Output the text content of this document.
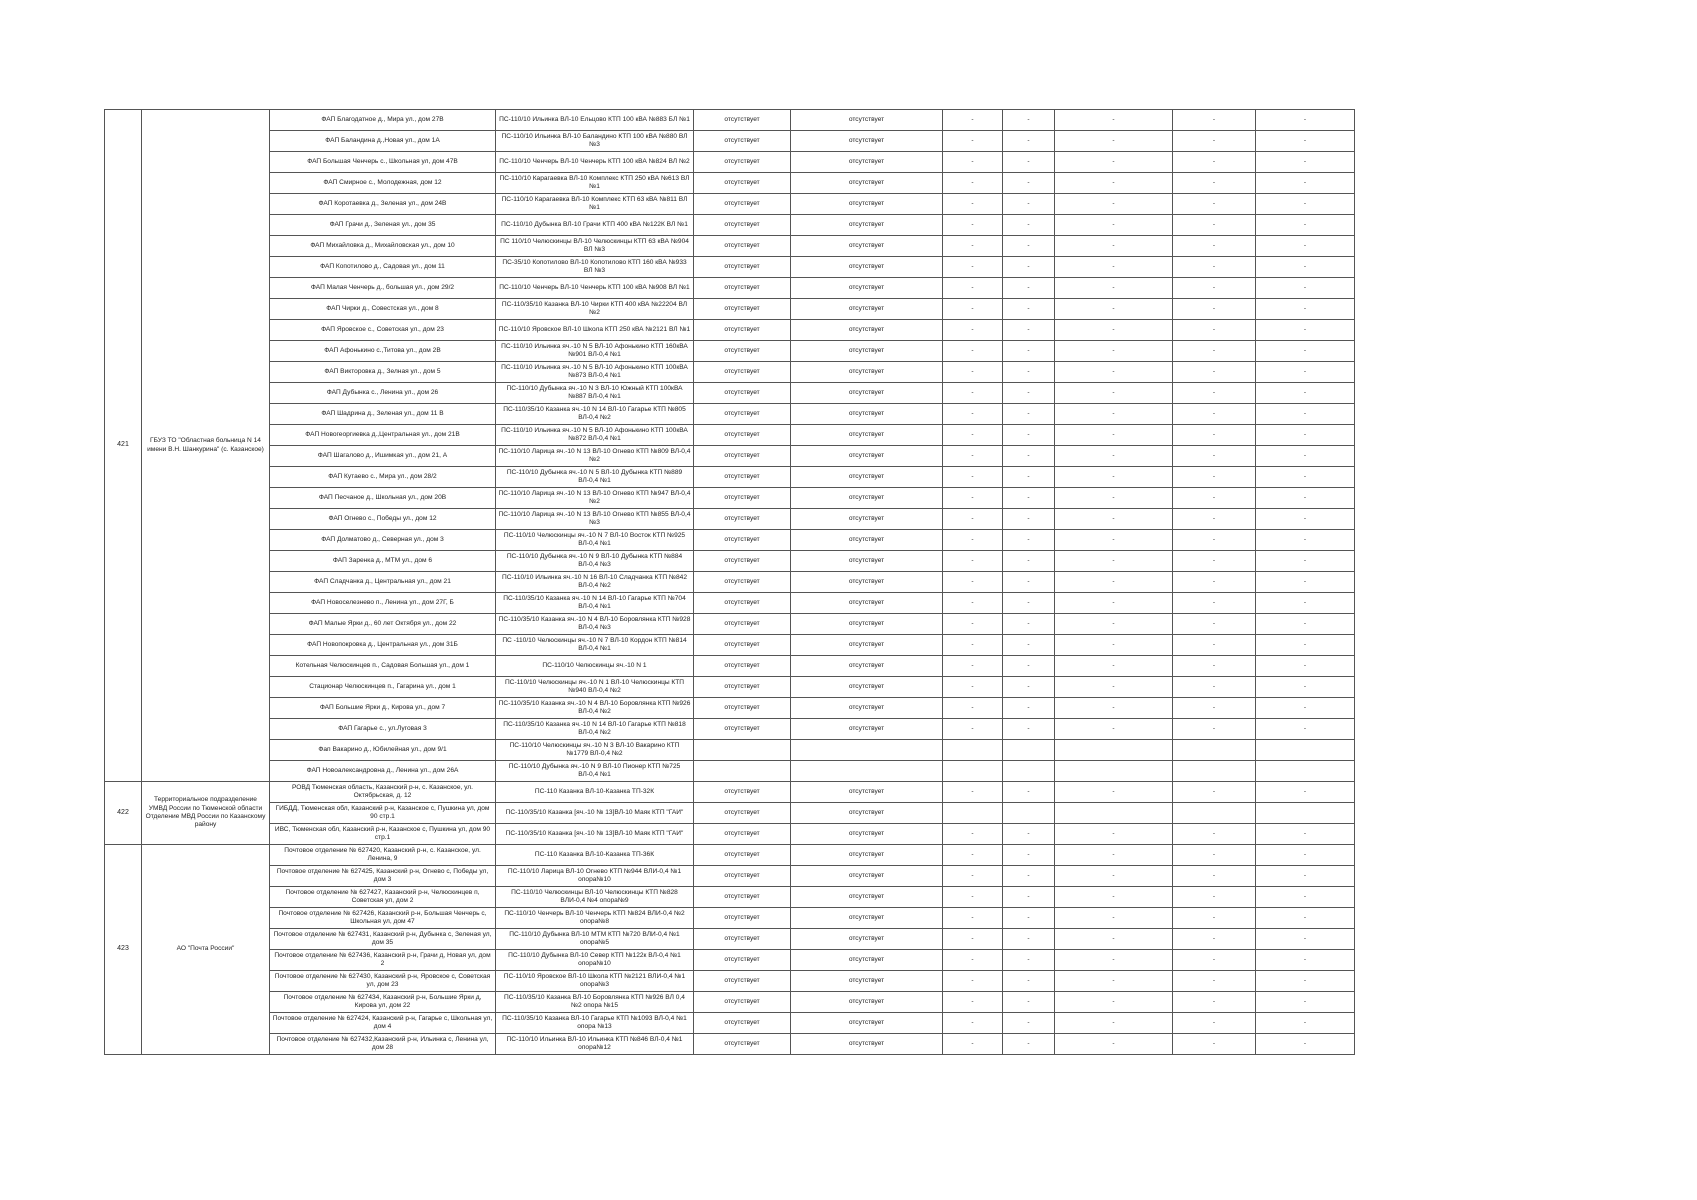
421	ГБУЗ ТО "Областная больница N 14 имени В.Н. Шанкурина" (с. Казанское)	ФАП Благодатное д., Мира ул., дом 27В	ПС-110/10 Ильинка ВЛ-10 Ельцово КТП 100 кВА №883 БЛ №1	отсутствует	отсутствует	-	-	-	-	-
		ФАП Баландина д.,Новая ул., дом 1А	ПС-110/10 Ильинка ВЛ-10 Баландино КТП 100 кВА №880 ВЛ №3	отсутствует	отсутствует	-	-	-	-	-
		ФАП Большая Ченчерь с., Школьная ул, дом 47В	ПС-110/10 Ченчерь ВЛ-10 Ченчерь КТП 100 кВА №824 ВЛ №2	отсутствует	отсутствует	-	-	-	-	-
		ФАП Смирное с., Молодежная, дом 12	ПС-110/10 Карагаевка ВЛ-10 Комплекс КТП 250 кВА №613 ВЛ №1	отсутствует	отсутствует	-	-	-	-	-
		ФАП Коротаевка д., Зеленая ул., дом 24В	ПС-110/10 Карагаевка ВЛ-10 Комплекс КТП 63 кВА №811 ВЛ №1	отсутствует	отсутствует	-	-	-	-	-
		ФАП Грачи д., Зеленая ул., дом 35	ПС-110/10 Дубынка ВЛ-10 Грачи КТП 400 кВА №122К ВЛ №1	отсутствует	отсутствует	-	-	-	-	-
		ФАП Михайловка д., Михайловская ул., дом 10	ПС 110/10 Челюскинцы ВЛ-10 Челюскинцы КТП 63 кВА №904 ВЛ №3	отсутствует	отсутствует	-	-	-	-	-
		ФАП Копотилово д., Садовая ул., дом 11	ПС-35/10 Копотилово ВЛ-10 Копотилово КТП 160 кВА №933 ВЛ №3	отсутствует	отсутствует	-	-	-	-	-
		ФАП Малая Ченчерь д., большая ул., дом 29/2	ПС-110/10 Ченчерь ВЛ-10 Ченчерь КТП 100 кВА №908 ВЛ №1	отсутствует	отсутствует	-	-	-	-	-
		ФАП Чирки д., Совестская ул., дом 8	ПС-110/35/10 Казанка ВЛ-10 Чирки КТП 400 кВА №22204 ВЛ №2	отсутствует	отсутствует	-	-	-	-	-
		ФАП Яровское с., Советская ул., дом 23	ПС-110/10 Яровское ВЛ-10 Школа КТП 250 кВА №2121 ВЛ №1	отсутствует	отсутствует	-	-	-	-	-
		ФАП Афонькино с.,Титова ул., дом 2В	ПС-110/10 Ильинка яч.-10 N 5 ВЛ-10 Афонькино КТП 160кВА №901 ВЛ-0,4 №1	отсутствует	отсутствует	-	-	-	-	-
		ФАП Викторовка д., Зелная ул., дом 5	ПС-110/10 Ильинка яч.-10 N 5 ВЛ-10 Афонькино КТП 100кВА №873 ВЛ-0,4 №1	отсутствует	отсутствует	-	-	-	-	-
		ФАП Дубынка с., Ленина ул., дом 26	ПС-110/10 Дубынка яч.-10 N 3 ВЛ-10 Южный КТП 100кВА №887 ВЛ-0,4 №1	отсутствует	отсутствует	-	-	-	-	-
		ФАП Шадрина д., Зеленая ул., дом 11 В	ПС-110/35/10 Казанка яч.-10 N 14 ВЛ-10 Гагарье КТП №805 ВЛ-0,4 №2	отсутствует	отсутствует	-	-	-	-	-
		ФАП Новогеоргиевка д.,Центральная ул., дом 21В	ПС-110/10 Ильинка яч.-10 N 5 ВЛ-10 Афонькино КТП 100кВА №872 ВЛ-0,4 №1	отсутствует	отсутствует	-	-	-	-	-
		ФАП Шагалово д., Ишимкая ул., дом 21, А	ПС-110/10 Ларица яч.-10 N 13 ВЛ-10 Огнево КТП №809 ВЛ-0,4 №2	отсутствует	отсутствует	-	-	-	-	-
		ФАП Кутаево с., Мира ул., дом 28/2	ПС-110/10 Дубынка яч.-10 N 5 ВЛ-10 Дубынка КТП №889 ВЛ-0,4 №1	отсутствует	отсутствует	-	-	-	-	-
		ФАП Песчаное д., Школьная ул., дом 20В	ПС-110/10 Ларица яч.-10 N 13 ВЛ-10 Огнево КТП №947 ВЛ-0,4 №2	отсутствует	отсутствует	-	-	-	-	-
		ФАП Огнево с., Победы ул., дом 12	ПС-110/10 Ларица яч.-10 N 13 ВЛ-10 Огнево КТП №855 ВЛ-0,4 №3	отсутствует	отсутствует	-	-	-	-	-
		ФАП Долматово д., Северная ул., дом 3	ПС-110/10 Челюскинцы яч.-10 N 7 ВЛ-10 Восток КТП №925 ВЛ-0,4 №1	отсутствует	отсутствует	-	-	-	-	-
		ФАП Заренка д., МТМ ул., дом 6	ПС-110/10 Дубынка яч.-10 N 9 ВЛ-10 Дубынка КТП №884 ВЛ-0,4 №3	отсутствует	отсутствует	-	-	-	-	-
		ФАП Сладчанка д., Центральная ул., дом 21	ПС-110/10 Ильинка яч.-10 N 16 ВЛ-10 Сладчанка КТП №842 ВЛ-0,4 №2	отсутствует	отсутствует	-	-	-	-	-
		ФАП Новоселезнево п., Ленина ул., дом 27Г, Б	ПС-110/35/10 Казанка яч.-10 N 14 ВЛ-10 Гагарье КТП №704 ВЛ-0,4 №1	отсутствует	отсутствует	-	-	-	-	-
		ФАП Малые Ярки д., 60 лет Октября ул., дом 22	ПС-110/35/10 Казанка яч.-10 N 4 ВЛ-10 Боровлянка КТП №928 ВЛ-0,4 №3	отсутствует	отсутствует	-	-	-	-	-
		ФАП Новопокровка д., Центральная ул., дом 31Б	ПС -110/10 Челюскинцы яч.-10 N 7 ВЛ-10 Кордон КТП №814 ВЛ-0,4 №1	отсутствует	отсутствует	-	-	-	-	-
		Котельная Челюскинцев п., Садовая Большая ул., дом 1	ПС-110/10 Челюскинцы яч.-10 N 1	отсутствует	отсутствует	-	-	-	-	-
		Стационар Челюскинцев п., Гагарина ул., дом 1	ПС-110/10 Челюскинцы яч.-10 N 1 ВЛ-10 Челюскинцы КТП №940 ВЛ-0,4 №2	отсутствует	отсутствует	-	-	-	-	-
		ФАП Большие Ярки д., Кирова ул., дом 7	ПС-110/35/10 Казанка яч.-10 N 4 ВЛ-10 Боровлянка КТП №926 ВЛ-0,4 №2	отсутствует	отсутствует	-	-	-	-	-
		ФАП Гагарье с., ул.Луговая 3	ПС-110/35/10 Казанка яч.-10 N 14 ВЛ-10 Гагарье КТП №818 ВЛ-0,4 №2	отсутствует	отсутствует	-	-	-	-	-
		Фап Вакарино д., Юбилейная ул., дом 9/1	ПС-110/10 Челюскинцы яч.-10 N 3 ВЛ-10 Вакарино КТП №1779 ВЛ-0,4 №2							
		ФАП Новоалександровна д., Ленина ул., дом 26А	ПС-110/10 Дубынка яч.-10 N 9 ВЛ-10 Пионер КТП №725 ВЛ-0,4 №1							
422	Территориальное подразделение УМВД России по Тюменской области Отделение МВД России по Казанскому району	РОВД Тюменская область, Казанский р-н, с. Казанское, ул. Октябрьская, д. 12	ПС-110 Казанка ВЛ-10-Казанка ТП-32К	отсутствует	отсутствует	-	-	-	-	-
		ГИБДД, Тюменская обл, Казанский р-н, Казанское с, Пушкина ул, дом 90 стр.1	ПС-110/35/10 Казанка [яч.-10 № 13]ВЛ-10 Маяк КТП "ГАИ"	отсутствует	отсутствует					
		ИВС, Тюменская обл, Казанский р-н, Казанское с, Пушкина ул, дом 90 стр.1	ПС-110/35/10 Казанка [яч.-10 № 13]ВЛ-10 Маяк КТП "ГАИ"	отсутствует	отсутствует	-	-	-	-	-
423	АО "Почта России"	Почтовое отделение № 627420, Казанский р-н, с. Казанское, ул. Ленина, 9	ПС-110 Казанка ВЛ-10-Казанка ТП-36К	отсутствует	отсутствует	-	-	-	-	-
		Почтовое отделение № 627425, Казанский р-н, Огнево с, Победы ул, дом 3	ПС-110/10 Ларица ВЛ-10 Огнево КТП №944 ВЛИ-0,4 №1 опора№10	отсутствует	отсутствует	-	-	-	-	-
		Почтовое отделение № 627427, Казанский р-н, Челюскинцев п, Советская ул, дом 2	ПС-110/10 Челюскинцы ВЛ-10 Челюскинцы КТП №828 ВЛИ-0,4 №4 опора№9	отсутствует	отсутствует	-	-	-	-	-
		Почтовое отделение № 627426, Казанский р-н, Большая Ченчерь с, Школьная ул, дом 47	ПС-110/10 Ченчерь ВЛ-10 Ченчерь КТП №824 ВЛИ-0,4 №2 опора№8	отсутствует	отсутствует	-	-	-	-	-
		Почтовое отделение № 627431, Казанский р-н, Дубынка с, Зеленая ул, дом 35	ПС-110/10 Дубынка ВЛ-10 МТМ КТП №720 ВЛИ-0,4 №1 опора№5	отсутствует	отсутствует	-	-	-	-	-
		Почтовое отделение № 627436, Казанский р-н, Грачи д, Новая ул, дом 2	ПС-110/10 Дубынка ВЛ-10 Север КТП №122к ВЛ-0,4 №1 опора№10	отсутствует	отсутствует	-	-	-	-	-
		Почтовое отделение № 627430, Казанский р-н, Яровское с, Советская ул, дом 23	ПС-110/10 Яровское ВЛ-10 Школа КТП №2121 ВЛИ-0,4 №1 опора№3	отсутствует	отсутствует	-	-	-	-	-
		Почтовое отделение № 627434, Казанский р-н, Большие Ярки д, Кирова ул, дом 22	ПС-110/35/10 Казанка ВЛ-10 Боровлянка КТП №926 ВЛ 0,4 №2 опора №15	отсутствует	отсутствует	-	-	-	-	-
		Почтовое отделение № 627424, Казанский р-н, Гагарье с, Школьная ул, дом 4	ПС-110/35/10 Казанка ВЛ-10 Гагарье КТП №1093 ВЛ-0,4 №1 опора №13	отсутствует	отсутствует	-	-	-	-	-
		Почтовое отделение № 627432,Казанский р-н, Ильинка с, Ленина ул, дом 28	ПС-110/10 Ильинка ВЛ-10 Ильинка КТП №846 ВЛ-0,4 №1 опора№12	отсутствует	отсутствует	-	-	-	-	-
